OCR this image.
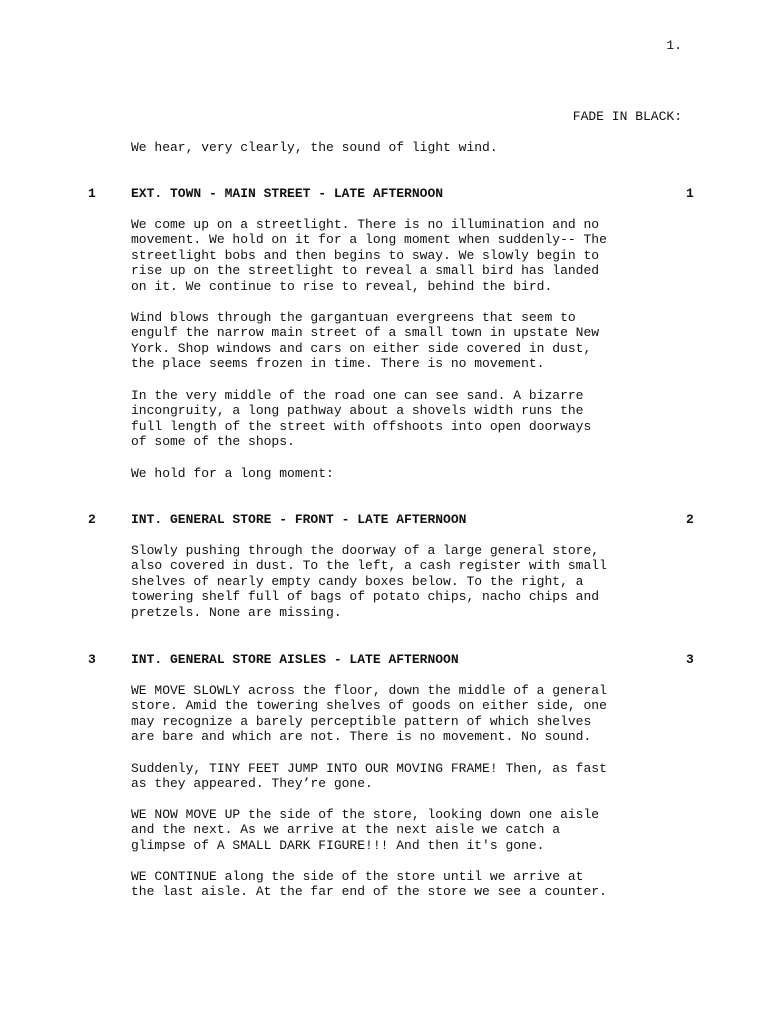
1.
FADE IN BLACK:

We hear, very clearly, the sound of light wind.

1	EXT. TOWN - MAIN STREET - LATE AFTERNOON	1

We come up on a streetlight. There is no illumination and no
movement. We hold on it for a long moment when suddenly-- The
streetlight bobs and then begins to sway. We slowly begin to
rise up on the streetlight to reveal a small bird has landed
on it. We continue to rise to reveal, behind the bird.

Wind blows through the gargantuan evergreens that seem to
engulf the narrow main street of a small town in upstate New
York. Shop windows and cars on either side covered in dust,
the place seems frozen in time. There is no movement.

In the very middle of the road one can see sand. A bizarre
incongruity, a long pathway about a shovels width runs the
full length of the street with offshoots into open doorways
of some of the shops.

We hold for a long moment:

2	INT. GENERAL STORE - FRONT - LATE AFTERNOON	2

Slowly pushing through the doorway of a large general store,
also covered in dust. To the left, a cash register with small
shelves of nearly empty candy boxes below. To the right, a
towering shelf full of bags of potato chips, nacho chips and
pretzels. None are missing.

3	INT. GENERAL STORE AISLES - LATE AFTERNOON	3

WE MOVE SLOWLY across the floor, down the middle of a general
store. Amid the towering shelves of goods on either side, one
may recognize a barely perceptible pattern of which shelves
are bare and which are not. There is no movement. No sound.

Suddenly, TINY FEET JUMP INTO OUR MOVING FRAME! Then, as fast
as they appeared. They’re gone.

WE NOW MOVE UP the side of the store, looking down one aisle
and the next. As we arrive at the next aisle we catch a
glimpse of A SMALL DARK FIGURE!!! And then it's gone.

WE CONTINUE along the side of the store until we arrive at
the last aisle. At the far end of the store we see a counter.
